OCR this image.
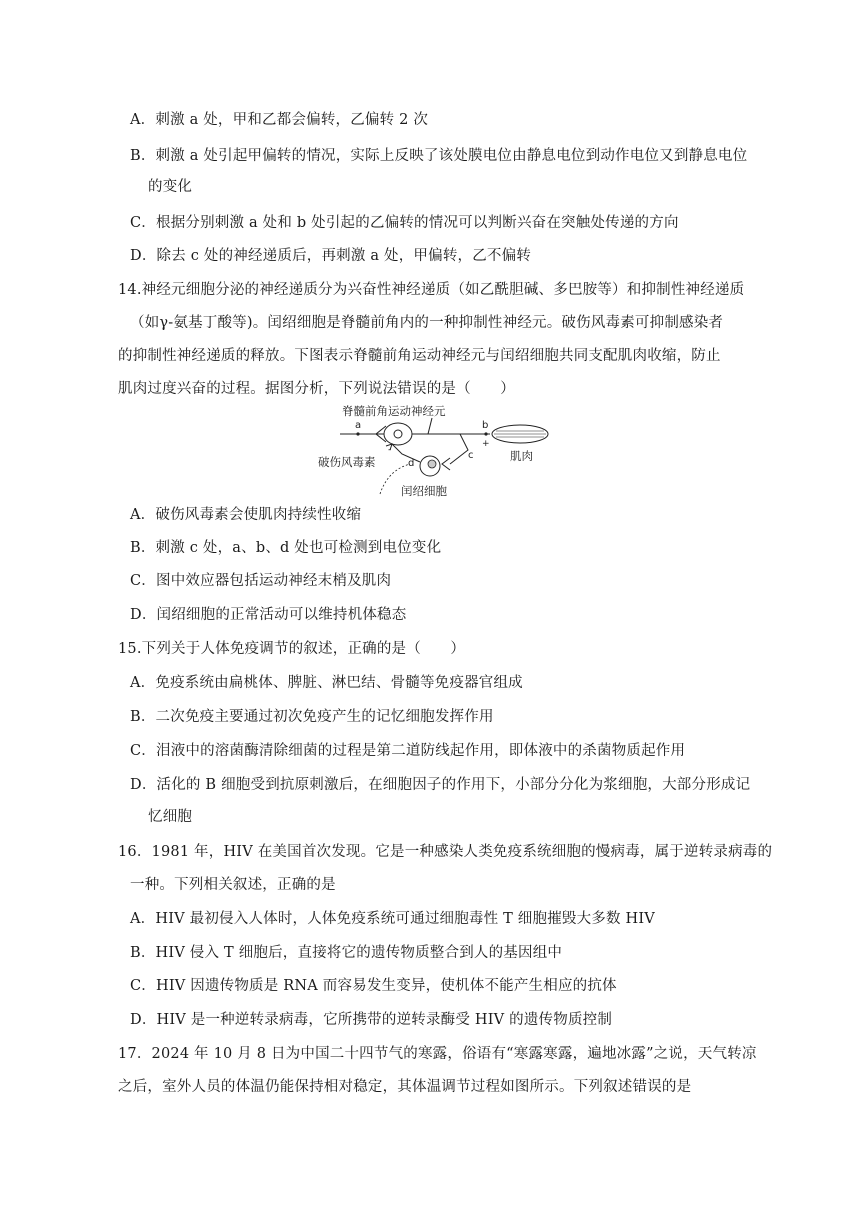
A．刺激 a 处，甲和乙都会偏转，乙偏转 2 次
B．刺激 a 处引起甲偏转的情况，实际上反映了该处膜电位由静息电位到动作电位又到静息电位
的变化
C．根据分别刺激 a 处和 b 处引起的乙偏转的情况可以判断兴奋在突触处传递的方向
D．除去 c 处的神经递质后，再刺激 a 处，甲偏转，乙不偏转
14.神经元细胞分泌的神经递质分为兴奋性神经递质（如乙酰胆碱、多巴胺等）和抑制性神经递质
（如γ-氨基丁酸等)。闰绍细胞是脊髓前角内的一种抑制性神经元。破伤风毒素可抑制感染者
的抑制性神经递质的释放。下图表示脊髓前角运动神经元与闰绍细胞共同支配肌肉收缩，防止
肌肉过度兴奋的过程。据图分析，下列说法错误的是（　　）
脊髓前角运动神经元
a	b
+
肌肉
c
闰绍细胞
d
-
破伤风毒素
A．破伤风毒素会使肌肉持续性收缩
B．刺激 c 处，a、b、d 处也可检测到电位变化
C．图中效应器包括运动神经末梢及肌肉
D．闰绍细胞的正常活动可以维持机体稳态
15.下列关于人体免疫调节的叙述，正确的是（　　）
A．免疫系统由扁桃体、脾脏、淋巴结、骨髓等免疫器官组成
B．二次免疫主要通过初次免疫产生的记忆细胞发挥作用
C．泪液中的溶菌酶清除细菌的过程是第二道防线起作用，即体液中的杀菌物质起作用
D．活化的 B 细胞受到抗原刺激后，在细胞因子的作用下，小部分分化为浆细胞，大部分形成记
忆细胞
16．1981 年，HIV 在美国首次发现。它是一种感染人类免疫系统细胞的慢病毒，属于逆转录病毒的
一种。下列相关叙述，正确的是
A．HIV 最初侵入人体时，人体免疫系统可通过细胞毒性 T 细胞摧毁大多数 HIV
B．HIV 侵入 T 细胞后，直接将它的遗传物质整合到人的基因组中
C．HIV 因遗传物质是 RNA 而容易发生变异，使机体不能产生相应的抗体
D．HIV 是一种逆转录病毒，它所携带的逆转录酶受 HIV 的遗传物质控制
17．2024 年 10 月 8 日为中国二十四节气的寒露，俗语有“寒露寒露，遍地冰露”之说，天气转凉
之后，室外人员的体温仍能保持相对稳定，其体温调节过程如图所示。下列叙述错误的是
